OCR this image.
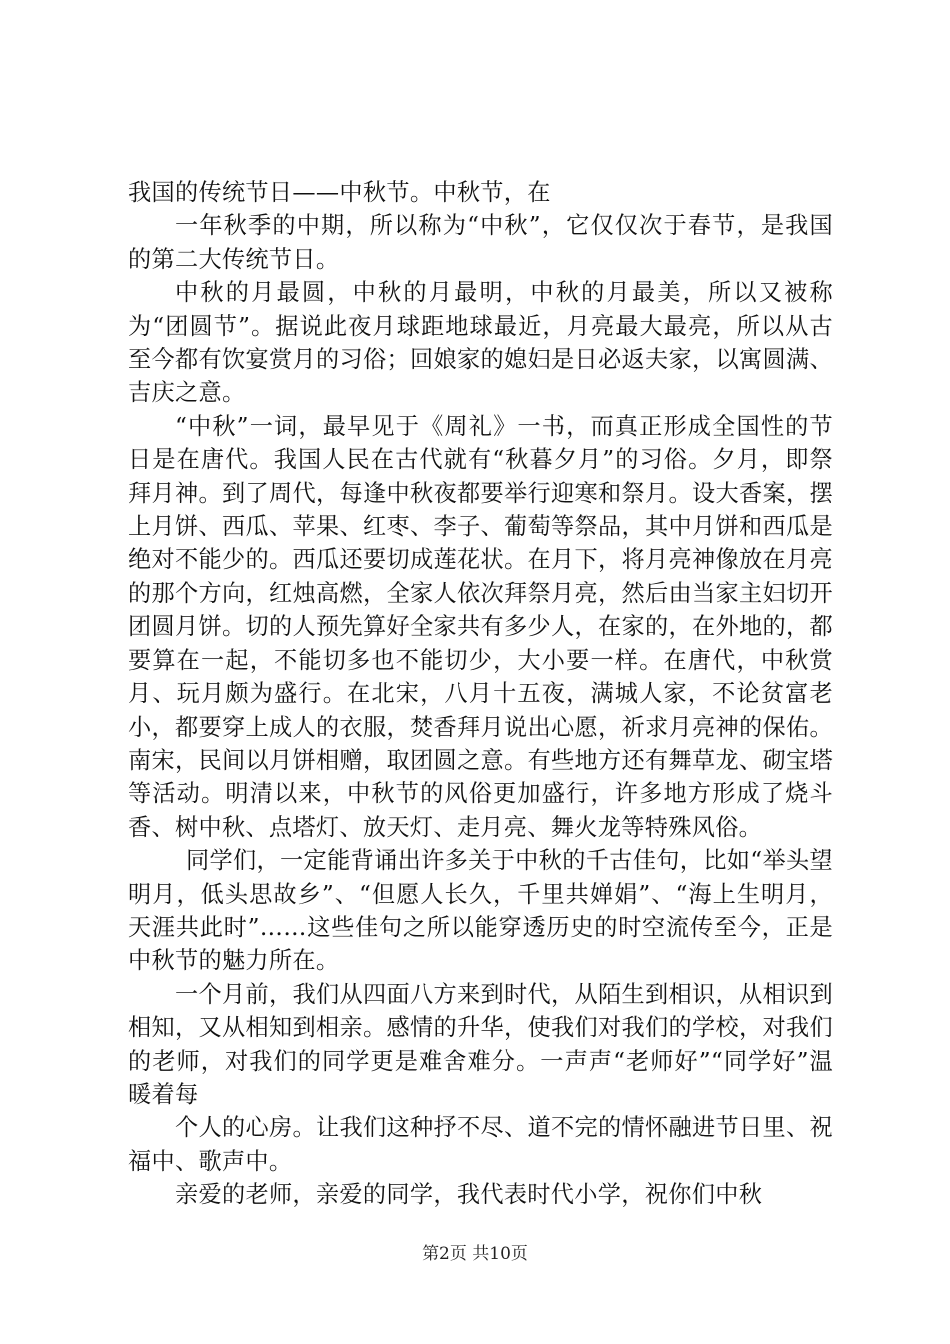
我国的传统节日——中秋节。中秋节，在

一年秋季的中期，所以称为“中秋”，它仅仅次于春节，是我国的第二大传统节日。

中秋的月最圆，中秋的月最明，中秋的月最美，所以又被称为“团圆节”。据说此夜月球距地球最近，月亮最大最亮，所以从古至今都有饮宴赏月的习俗；回娘家的媳妇是日必返夫家，以寓圆满、吉庆之意。

“中秋”一词，最早见于《周礼》一书，而真正形成全国性的节日是在唐代。我国人民在古代就有“秋暮夕月”的习俗。夕月，即祭拜月神。到了周代，每逢中秋夜都要举行迎寒和祭月。设大香案，摆上月饼、西瓜、苹果、红枣、李子、葡萄等祭品，其中月饼和西瓜是绝对不能少的。西瓜还要切成莲花状。在月下，将月亮神像放在月亮的那个方向，红烛高燃，全家人依次拜祭月亮，然后由当家主妇切开团圆月饼。切的人预先算好全家共有多少人，在家的，在外地的，都要算在一起，不能切多也不能切少，大小要一样。在唐代，中秋赏月、玩月颇为盛行。在北宋，八月十五夜，满城人家，不论贫富老小，都要穿上成人的衣服，焚香拜月说出心愿，祈求月亮神的保佑。南宋，民间以月饼相赠，取团圆之意。有些地方还有舞草龙、砌宝塔等活动。明清以来，中秋节的风俗更加盛行，许多地方形成了烧斗香、树中秋、点塔灯、放天灯、走月亮、舞火龙等特殊风俗。

同学们，一定能背诵出许多关于中秋的千古佳句，比如“举头望明月，低头思故乡”、“但愿人长久，千里共婵娟”、“海上生明月，天涯共此时”……这些佳句之所以能穿透历史的时空流传至今，正是中秋节的魅力所在。

一个月前，我们从四面八方来到时代，从陌生到相识，从相识到相知，又从相知到相亲。感情的升华，使我们对我们的学校，对我们的老师，对我们的同学更是难舍难分。一声声“老师好”“同学好”温暖着每

个人的心房。让我们这种抒不尽、道不完的情怀融进节日里、祝福中、歌声中。

亲爱的老师，亲爱的同学，我代表时代小学，祝你们中秋

第2页 共10页
